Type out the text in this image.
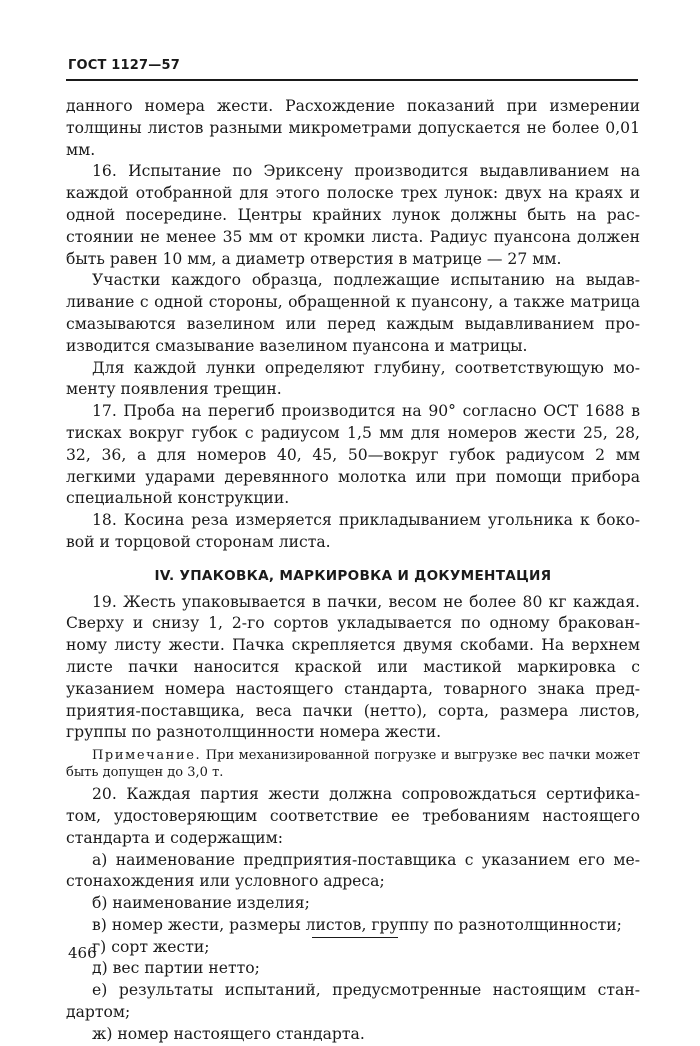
ГОСТ 1127—57

данного номера жести. Расхождение показаний при измерении толщины листов разными микрометрами допускается не более 0,01 мм.

16. Испытание по Эриксену производится выдавливанием на каждой отобранной для этого полоске трех лунок: двух на краях и одной посередине. Центры крайних лунок должны быть на расстоянии не менее 35 мм от кромки листа. Радиус пуансона должен быть равен 10 мм, а диаметр отверстия в матрице — 27 мм.

Участки каждого образца, подлежащие испытанию на выдавливание с одной стороны, обращенной к пуансону, а также матрица смазываются вазелином или перед каждым выдавливанием производится смазывание вазелином пуансона и матрицы.

Для каждой лунки определяют глубину, соответствующую моменту появления трещин.

17. Проба на перегиб производится на 90° согласно ОСТ 1688 в тисках вокруг губок с радиусом 1,5 мм для номеров жести 25, 28, 32, 36, а для номеров 40, 45, 50—вокруг губок радиусом 2 мм легкими ударами деревянного молотка или при помощи прибора специальной конструкции.

18. Косина реза измеряется прикладыванием угольника к боковой и торцовой сторонам листа.

IV. УПАКОВКА, МАРКИРОВКА И ДОКУМЕНТАЦИЯ

19. Жесть упаковывается в пачки, весом не более 80 кг каждая. Сверху и снизу 1, 2-го сортов укладывается по одному бракованному листу жести. Пачка скрепляется двумя скобами. На верхнем листе пачки наносится краской или мастикой маркировка с указанием номера настоящего стандарта, товарного знака предприятия-поставщика, веса пачки (нетто), сорта, размера листов, группы по разнотолщинности номера жести.

Примечание. При механизированной погрузке и выгрузке вес пачки может быть допущен до 3,0 т.

20. Каждая партия жести должна сопровождаться сертификатом, удостоверяющим соответствие ее требованиям настоящего стандарта и содержащим:

а) наименование предприятия-поставщика с указанием его местонахождения или условного адреса;

б) наименование изделия;

в) номер жести, размеры листов, группу по разнотолщинности;

г) сорт жести;

д) вес партии нетто;

е) результаты испытаний, предусмотренные настоящим стандартом;

ж) номер настоящего стандарта.

466
